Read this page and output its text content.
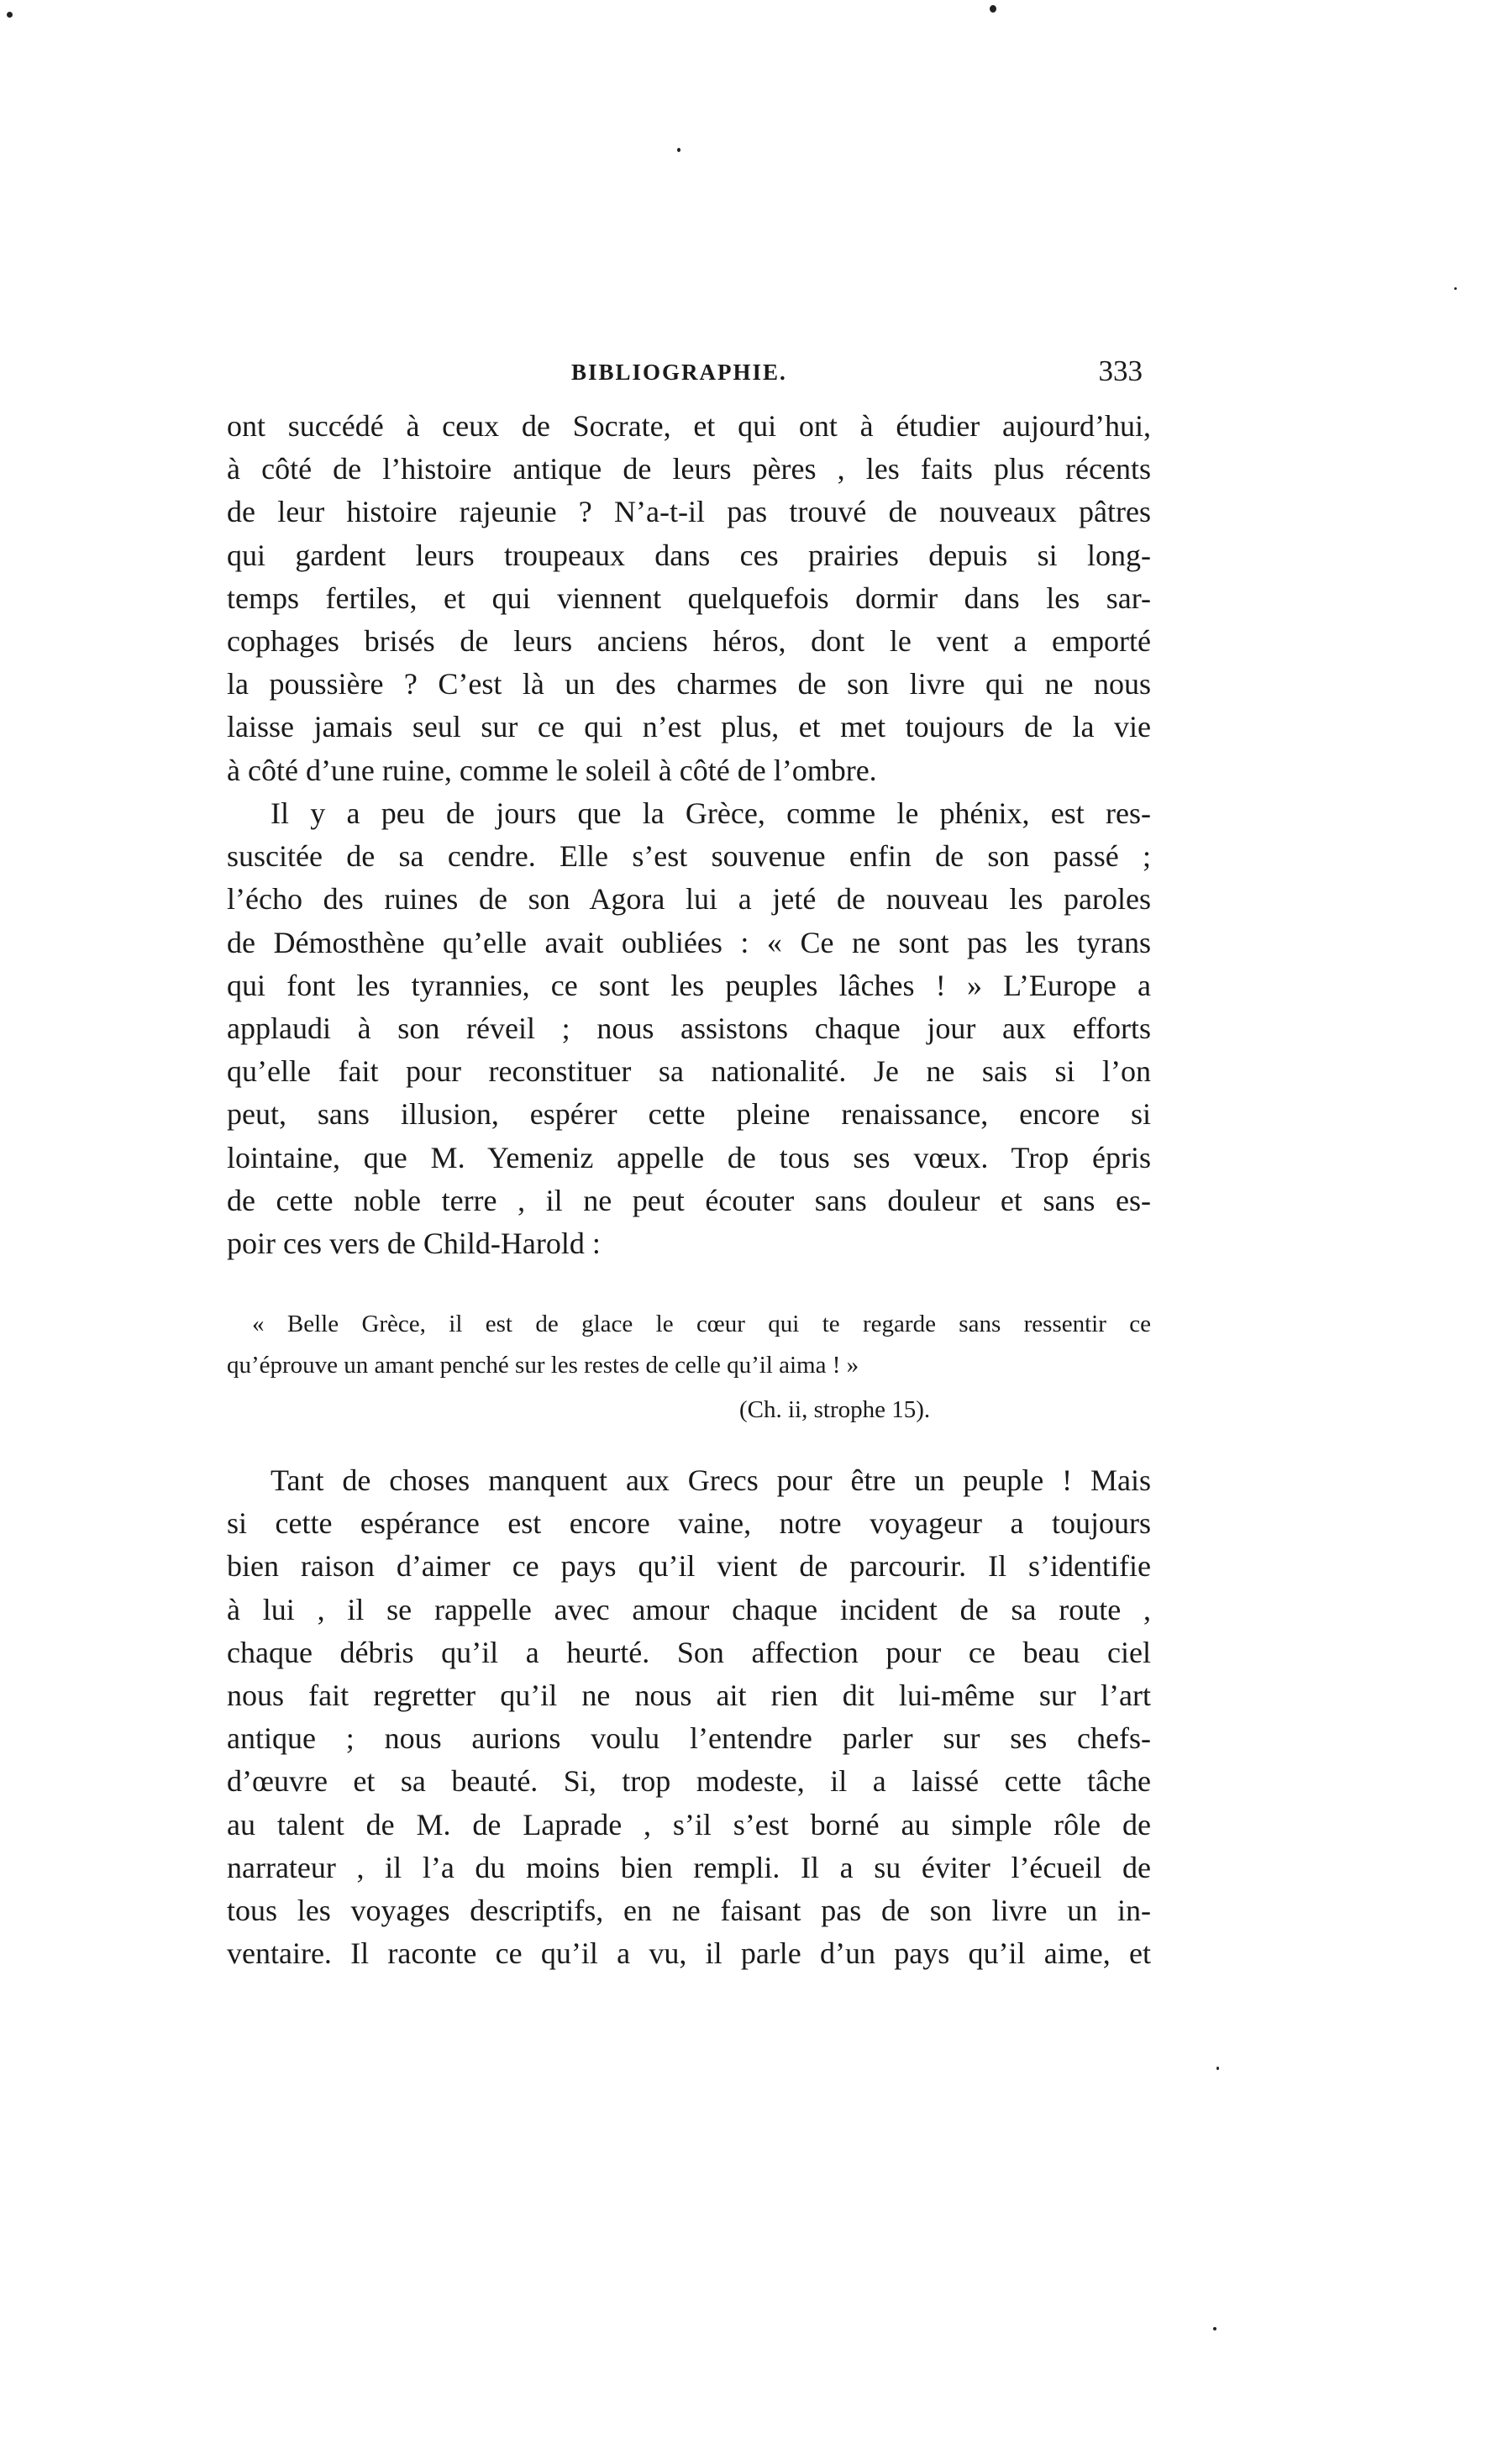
BIBLIOGRAPHIE.	333
ont succédé à ceux de Socrate, et qui ont à étudier aujourd’hui,
à côté de l’histoire antique de leurs pères , les faits plus récents
de leur histoire rajeunie ? N’a-t-il pas trouvé de nouveaux pâtres
qui gardent leurs troupeaux dans ces prairies depuis si long-
temps fertiles, et qui viennent quelquefois dormir dans les sar-
cophages brisés de leurs anciens héros, dont le vent a emporté
la poussière ? C’est là un des charmes de son livre qui ne nous
laisse jamais seul sur ce qui n’est plus, et met toujours de la vie
à côté d’une ruine, comme le soleil à côté de l’ombre.
Il y a peu de jours que la Grèce, comme le phénix, est res-
suscitée de sa cendre. Elle s’est souvenue enfin de son passé ;
l’écho des ruines de son Agora lui a jeté de nouveau les paroles
de Démosthène qu’elle avait oubliées : « Ce ne sont pas les tyrans
qui font les tyrannies, ce sont les peuples lâches ! » L’Europe a
applaudi à son réveil ; nous assistons chaque jour aux efforts
qu’elle fait pour reconstituer sa nationalité. Je ne sais si l’on
peut, sans illusion, espérer cette pleine renaissance, encore si
lointaine, que M. Yemeniz appelle de tous ses vœux. Trop épris
de cette noble terre , il ne peut écouter sans douleur et sans es-
poir ces vers de Child-Harold :
« Belle Grèce, il est de glace le cœur qui te regarde sans ressentir ce
qu’éprouve un amant penché sur les restes de celle qu’il aima ! »
(Ch. ii, strophe 15).
Tant de choses manquent aux Grecs pour être un peuple ! Mais
si cette espérance est encore vaine, notre voyageur a toujours
bien raison d’aimer ce pays qu’il vient de parcourir. Il s’identifie
à lui , il se rappelle avec amour chaque incident de sa route ,
chaque débris qu’il a heurté. Son affection pour ce beau ciel
nous fait regretter qu’il ne nous ait rien dit lui-même sur l’art
antique ; nous aurions voulu l’entendre parler sur ses chefs-
d’œuvre et sa beauté. Si, trop modeste, il a laissé cette tâche
au talent de M. de Laprade , s’il s’est borné au simple rôle de
narrateur , il l’a du moins bien rempli. Il a su éviter l’écueil de
tous les voyages descriptifs, en ne faisant pas de son livre un in-
ventaire. Il raconte ce qu’il a vu, il parle d’un pays qu’il aime, et
